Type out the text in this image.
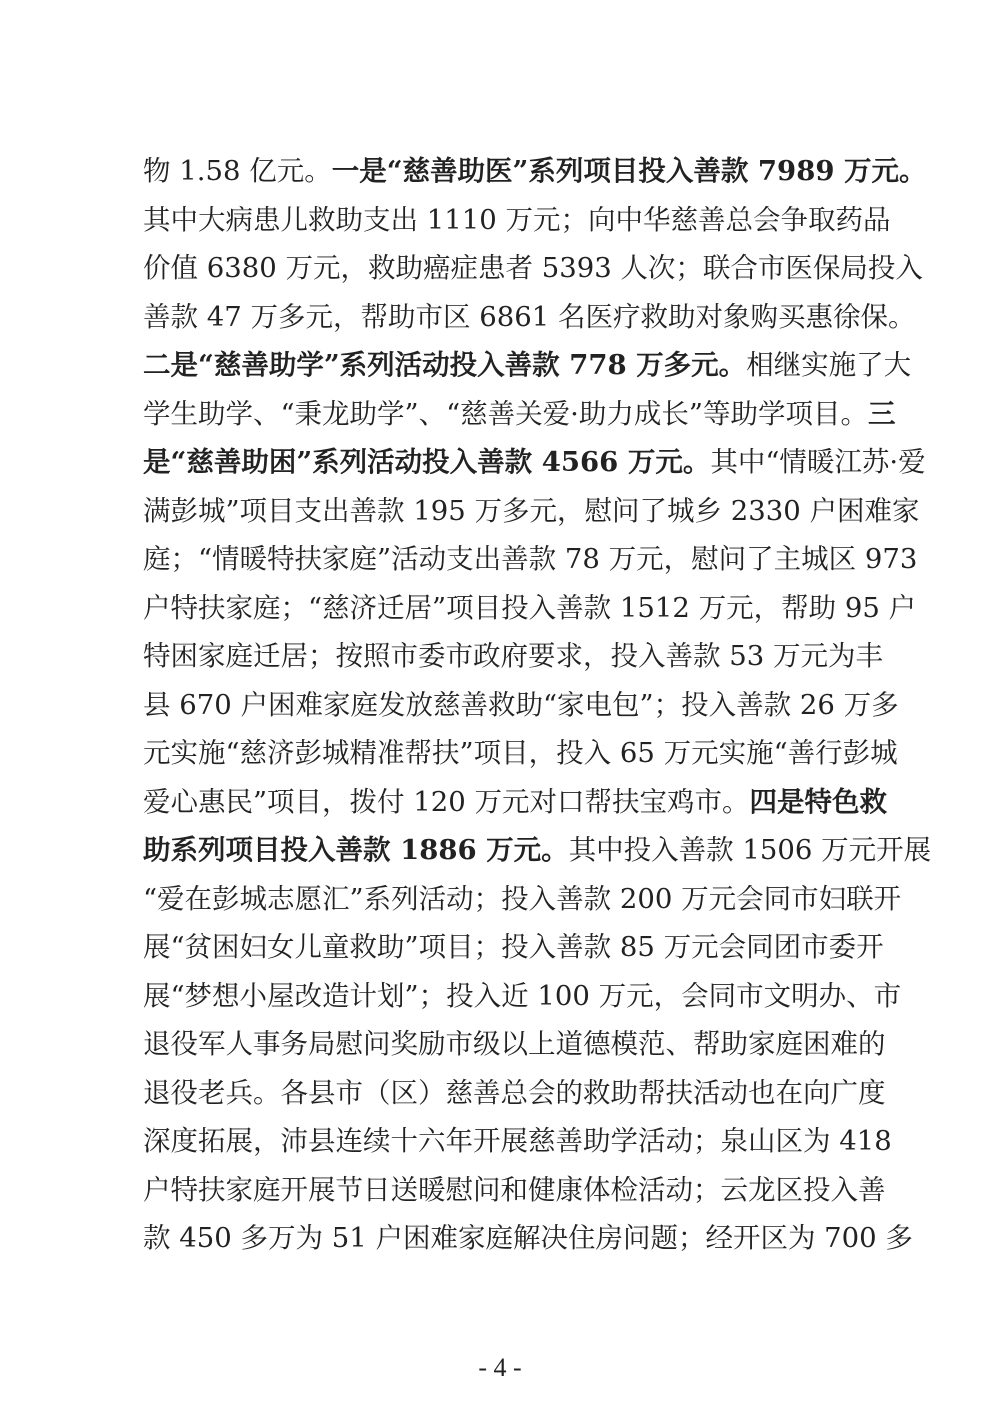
物 1.58 亿元。一是“慈善助医”系列项目投入善款 7989 万元。
其中大病患儿救助支出 1110 万元；向中华慈善总会争取药品
价值 6380 万元，救助癌症患者 5393 人次；联合市医保局投入
善款 47 万多元，帮助市区 6861 名医疗救助对象购买惠徐保。
二是“慈善助学”系列活动投入善款 778 万多元。相继实施了大
学生助学、“秉龙助学”、“慈善关爱·助力成长”等助学项目。三
是“慈善助困”系列活动投入善款 4566 万元。其中“情暖江苏·爱
满彭城”项目支出善款 195 万多元，慰问了城乡 2330 户困难家
庭；“情暖特扶家庭”活动支出善款 78 万元，慰问了主城区 973
户特扶家庭；“慈济迁居”项目投入善款 1512 万元，帮助 95 户
特困家庭迁居；按照市委市政府要求，投入善款 53 万元为丰
县 670 户困难家庭发放慈善救助“家电包”；投入善款 26 万多
元实施“慈济彭城精准帮扶”项目，投入 65 万元实施“善行彭城
爱心惠民”项目，拨付 120 万元对口帮扶宝鸡市。四是特色救
助系列项目投入善款 1886 万元。其中投入善款 1506 万元开展
“爱在彭城志愿汇”系列活动；投入善款 200 万元会同市妇联开
展“贫困妇女儿童救助”项目；投入善款 85 万元会同团市委开
展“梦想小屋改造计划”；投入近 100 万元，会同市文明办、市
退役军人事务局慰问奖励市级以上道德模范、帮助家庭困难的
退役老兵。各县市（区）慈善总会的救助帮扶活动也在向广度
深度拓展，沛县连续十六年开展慈善助学活动；泉山区为 418
户特扶家庭开展节日送暖慰问和健康体检活动；云龙区投入善
款 450 多万为 51 户困难家庭解决住房问题；经开区为 700 多
- 4 -
